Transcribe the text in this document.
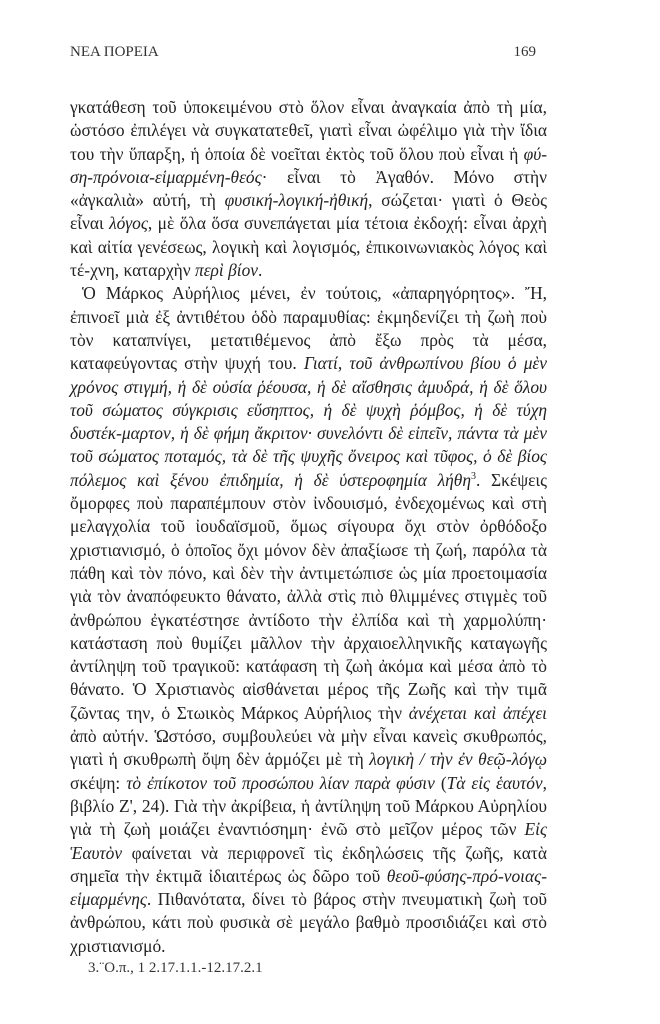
ΝΕΑ ΠΟΡΕΙΑ	169

γκατάθεση τοῦ ὑποκειμένου στὸ ὅλον εἶναι ἀναγκαία ἀπὸ τὴ μία, ὡστόσο ἐπιλέγει νὰ συγκατατεθεῖ, γιατὶ εἶναι ὠφέλιμο γιὰ τὴν ἴδια του τὴν ὕπαρξη, ἡ ὁποία δὲ νοεῖται ἐκτὸς τοῦ ὅλου ποὺ εἶναι ἡ φύ-ση-πρόνοια-εἱμαρμένη-θεός· εἶναι τὸ Ἀγαθόν. Μόνο στὴν «ἀγκαλιὰ» αὐτή, τὴ φυσική-λογική-ἠθική, σώζεται· γιατὶ ὁ Θεὸς εἶναι λόγος, μὲ ὅλα ὅσα συνεπάγεται μία τέτοια ἐκδοχή: εἶναι ἀρχὴ καὶ αἰτία γενέσεως, λογικὴ καὶ λογισμός, ἐπικοινωνιακὸς λόγος καὶ τέ-χνη, καταρχὴν περὶ βίον.

Ὁ Μάρκος Αὐρήλιος μένει, ἐν τούτοις, «ἀπαρηγόρητος». Ἤ, ἐπινοεῖ μιὰ ἐξ ἀντιθέτου ὁδὸ παραμυθίας: ἐκμηδενίζει τὴ ζωὴ ποὺ τὸν καταπνίγει, μετατιθέμενος ἀπὸ ἔξω πρὸς τὰ μέσα, καταφεύγοντας στὴν ψυχή του. Γιατί, τοῦ ἀνθρωπίνου βίου ὁ μὲν χρόνος στιγμή, ἡ δὲ οὐσία ῥέουσα, ἡ δὲ αἴσθησις ἀμυδρά, ἡ δὲ ὅλου τοῦ σώματος σύγκρισις εὔσηπτος, ἡ δὲ ψυχὴ ῥόμβος, ἡ δὲ τύχη δυστέκ-μαρτον, ἡ δὲ φήμη ἄκριτον· συνελόντι δὲ εἰπεῖν, πάντα τὰ μὲν τοῦ σώματος ποταμός, τὰ δὲ τῆς ψυχῆς ὄνειρος καὶ τῦφος, ὁ δὲ βίος πόλεμος καὶ ξένου ἐπιδημία, ἡ δὲ ὑστεροφημία λήθη$^3$. Σκέψεις ὄμορφες ποὺ παραπέμπουν στὸν ἰνδουισμό, ἐνδεχομένως καὶ στὴ μελαγχολία τοῦ ἰουδαϊσμοῦ, ὅμως σίγουρα ὄχι στὸν ὀρθόδοξο χριστιανισμό, ὁ ὁποῖος ὄχι μόνον δὲν ἀπαξίωσε τὴ ζωή, παρόλα τὰ πάθη καὶ τὸν πόνο, καὶ δὲν τὴν ἀντιμετώπισε ὡς μία προετοιμασία γιὰ τὸν ἀναπόφευκτο θάνατο, ἀλλὰ στὶς πιὸ θλιμμένες στιγμὲς τοῦ ἀνθρώπου ἐγκατέστησε ἀντίδοτο τὴν ἐλπίδα καὶ τὴ χαρμολύπη· κατάσταση ποὺ θυμίζει μᾶλλον τὴν ἀρχαιοελληνικῆς καταγωγῆς ἀντίληψη τοῦ τραγικοῦ: κατάφαση τὴ ζωὴ ἀκόμα καὶ μέσα ἀπὸ τὸ θάνατο. Ὁ Χριστιανὸς αἰσθάνεται μέρος τῆς Ζωῆς καὶ τὴν τιμᾶ ζῶντας την, ὁ Στωικὸς Μάρκος Αὐρήλιος τὴν ἀνέχεται καὶ ἀπέχει ἀπὸ αὐτήν. Ὡστόσο, συμβουλεύει νὰ μὴν εἶναι κανεὶς σκυθρωπός, γιατὶ ἡ σκυθρωπὴ ὄψη δὲν ἁρμόζει μὲ τὴ λογικὴ / τὴν ἐν θεῷ-λόγῳ σκέψη: τὸ ἐπίκοτον τοῦ προσώπου λίαν παρὰ φύσιν (Τὰ εἰς ἑαυτόν, βιβλίο Ζ', 24). Γιὰ τὴν ἀκρίβεια, ἡ ἀντίληψη τοῦ Μάρκου Αὐρηλίου γιὰ τὴ ζωὴ μοιάζει ἐναντιόσημη· ἐνῶ στὸ μεῖζον μέρος τῶν Εἰς Ἑαυτὸν φαίνεται νὰ περιφρονεῖ τὶς ἐκδηλώσεις τῆς ζωῆς, κατὰ σημεῖα τὴν ἐκτιμᾶ ἰδιαιτέρως ὡς δῶρο τοῦ θεοῦ-φύσης-πρό-νοιας-εἱμαρμένης. Πιθανότατα, δίνει τὸ βάρος στὴν πνευματικὴ ζωὴ τοῦ ἀνθρώπου, κάτι ποὺ φυσικὰ σὲ μεγάλο βαθμὸ προσιδιάζει καὶ στὸ χριστιανισμό.

3.¨Ο.π., 1 2.17.1.1.-12.17.2.1
